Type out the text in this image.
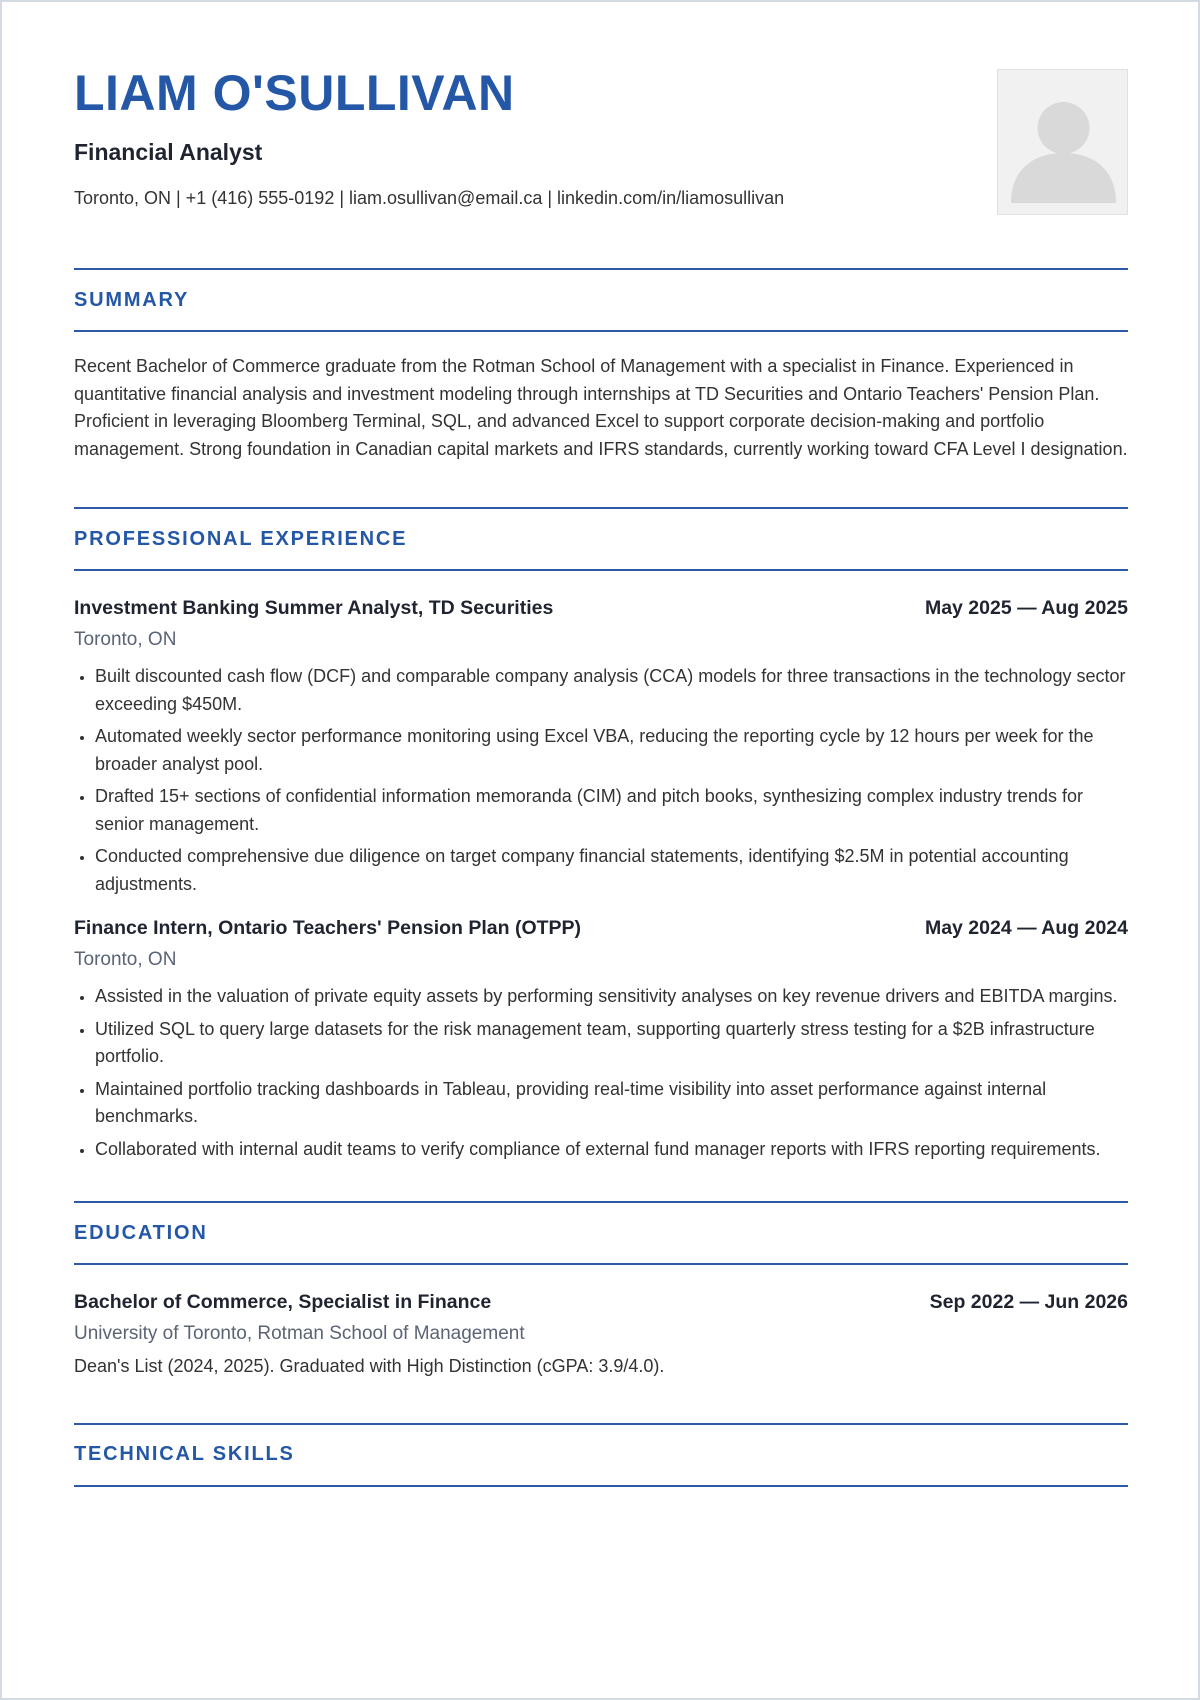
LIAM O'SULLIVAN
Financial Analyst
Toronto, ON | +1 (416) 555-0192 | liam.osullivan@email.ca | linkedin.com/in/liamosullivan
SUMMARY
Recent Bachelor of Commerce graduate from the Rotman School of Management with a specialist in Finance. Experienced in quantitative financial analysis and investment modeling through internships at TD Securities and Ontario Teachers' Pension Plan. Proficient in leveraging Bloomberg Terminal, SQL, and advanced Excel to support corporate decision-making and portfolio management. Strong foundation in Canadian capital markets and IFRS standards, currently working toward CFA Level I designation.
PROFESSIONAL EXPERIENCE
Investment Banking Summer Analyst, TD Securities	May 2025 — Aug 2025
Toronto, ON
• Built discounted cash flow (DCF) and comparable company analysis (CCA) models for three transactions in the technology sector exceeding $450M.
• Automated weekly sector performance monitoring using Excel VBA, reducing the reporting cycle by 12 hours per week for the broader analyst pool.
• Drafted 15+ sections of confidential information memoranda (CIM) and pitch books, synthesizing complex industry trends for senior management.
• Conducted comprehensive due diligence on target company financial statements, identifying $2.5M in potential accounting adjustments.
Finance Intern, Ontario Teachers' Pension Plan (OTPP)	May 2024 — Aug 2024
Toronto, ON
• Assisted in the valuation of private equity assets by performing sensitivity analyses on key revenue drivers and EBITDA margins.
• Utilized SQL to query large datasets for the risk management team, supporting quarterly stress testing for a $2B infrastructure portfolio.
• Maintained portfolio tracking dashboards in Tableau, providing real-time visibility into asset performance against internal benchmarks.
• Collaborated with internal audit teams to verify compliance of external fund manager reports with IFRS reporting requirements.
EDUCATION
Bachelor of Commerce, Specialist in Finance	Sep 2022 — Jun 2026
University of Toronto, Rotman School of Management
Dean's List (2024, 2025). Graduated with High Distinction (cGPA: 3.9/4.0).
TECHNICAL SKILLS
